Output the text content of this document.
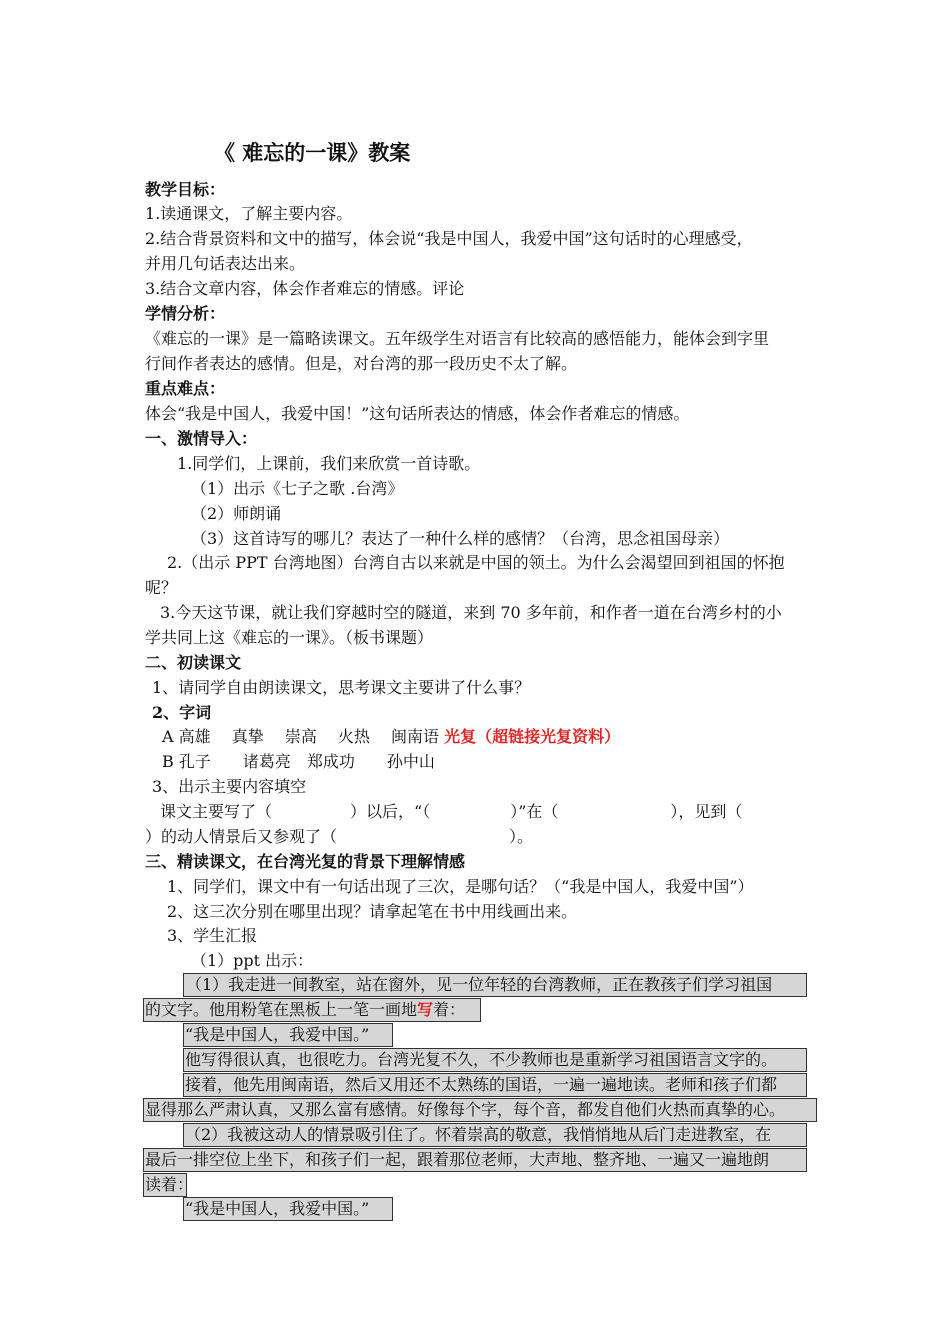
《 难忘的一课》教案
教学目标：
1.读通课文，了解主要内容。
2.结合背景资料和文中的描写，体会说“我是中国人，我爱中国”这句话时的心理感受，
并用几句话表达出来。
3.结合文章内容，体会作者难忘的情感。评论
学情分析：
《难忘的一课》是一篇略读课文。五年级学生对语言有比较高的感悟能力，能体会到字里
行间作者表达的感情。但是，对台湾的那一段历史不太了解。
重点难点：
体会“我是中国人，我爱中国！”这句话所表达的情感，体会作者难忘的情感。
一、激情导入：
1.同学们，上课前，我们来欣赏一首诗歌。
（1）出示《七子之歌 .台湾》
（2）师朗诵
（3）这首诗写的哪儿？表达了一种什么样的感情？（台湾，思念祖国母亲）
2.（出示 PPT 台湾地图）台湾自古以来就是中国的领土。为什么会渴望回到祖国的怀抱
呢？
3.今天这节课，就让我们穿越时空的隧道，来到 70 多年前，和作者一道在台湾乡村的小
学共同上这《难忘的一课》。（板书课题）
二、初读课文
1、请同学自由朗读课文，思考课文主要讲了什么事？
2、字词
A 高雄　 真挚　 崇高　 火热　 闽南语 光复（超链接光复资料）
B 孔子　　诸葛亮　郑成功　　孙中山
3、出示主要内容填空
课文主要写了（	）以后，“（	）”在（	），见到（
）的动人情景后又参观了（	）。
三、精读课文，在台湾光复的背景下理解情感
1、同学们，课文中有一句话出现了三次，是哪句话？（“我是中国人，我爱中国”）
2、这三次分别在哪里出现？请拿起笔在书中用线画出来。
3、学生汇报
（1）ppt 出示：
（1）我走进一间教室，站在窗外，见一位年轻的台湾教师，正在教孩子们学习祖国
的文字。他用粉笔在黑板上一笔一画地写着：
“我是中国人，我爱中国。”
他写得很认真，也很吃力。台湾光复不久，不少教师也是重新学习祖国语言文字的。
接着，他先用闽南语，然后又用还不太熟练的国语，一遍一遍地读。老师和孩子们都
显得那么严肃认真，又那么富有感情。好像每个字，每个音，都发自他们火热而真挚的心。
（2）我被这动人的情景吸引住了。怀着崇高的敬意，我悄悄地从后门走进教室，在
最后一排空位上坐下，和孩子们一起，跟着那位老师，大声地、整齐地、一遍又一遍地朗
读着：
“我是中国人，我爱中国。”
